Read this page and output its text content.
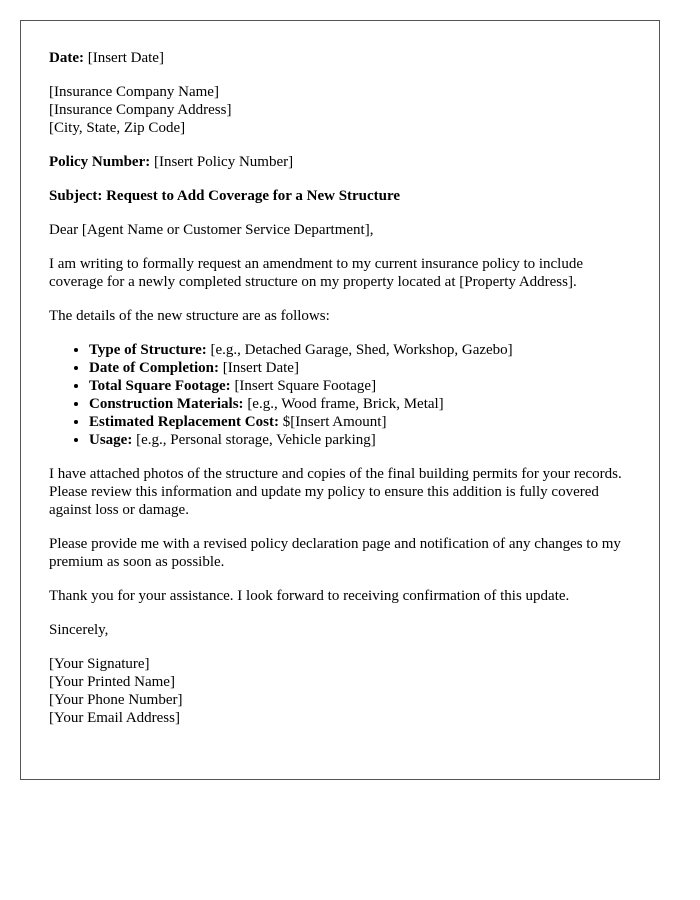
Date: [Insert Date]

[Insurance Company Name]
[Insurance Company Address]
[City, State, Zip Code]

Policy Number: [Insert Policy Number]

Subject: Request to Add Coverage for a New Structure

Dear [Agent Name or Customer Service Department],

I am writing to formally request an amendment to my current insurance policy to include coverage for a newly completed structure on my property located at [Property Address].

The details of the new structure are as follows:

• Type of Structure: [e.g., Detached Garage, Shed, Workshop, Gazebo]
• Date of Completion: [Insert Date]
• Total Square Footage: [Insert Square Footage]
• Construction Materials: [e.g., Wood frame, Brick, Metal]
• Estimated Replacement Cost: $[Insert Amount]
• Usage: [e.g., Personal storage, Vehicle parking]

I have attached photos of the structure and copies of the final building permits for your records. Please review this information and update my policy to ensure this addition is fully covered against loss or damage.

Please provide me with a revised policy declaration page and notification of any changes to my premium as soon as possible.

Thank you for your assistance. I look forward to receiving confirmation of this update.

Sincerely,

[Your Signature]
[Your Printed Name]
[Your Phone Number]
[Your Email Address]
